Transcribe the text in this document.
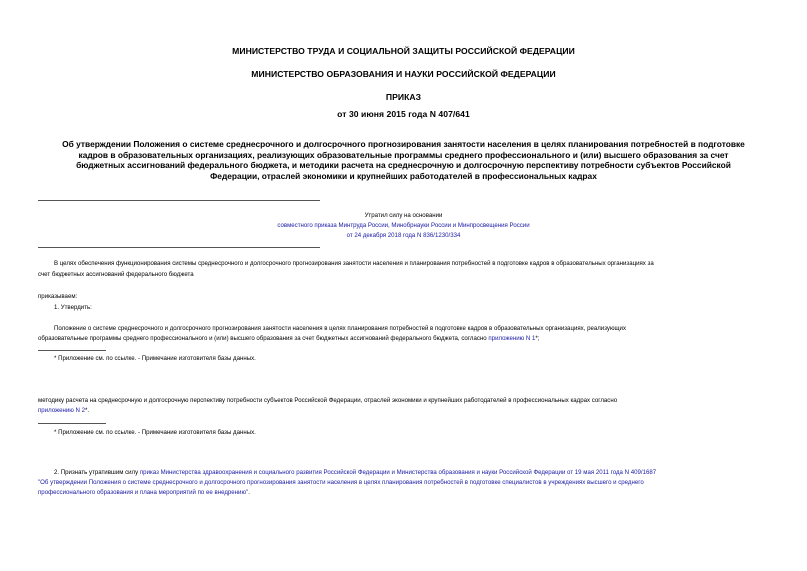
МИНИСТЕРСТВО ТРУДА И СОЦИАЛЬНОЙ ЗАЩИТЫ РОССИЙСКОЙ ФЕДЕРАЦИИ
МИНИСТЕРСТВО ОБРАЗОВАНИЯ И НАУКИ РОССИЙСКОЙ ФЕДЕРАЦИИ
ПРИКАЗ
от 30 июня 2015 года N 407/641
Об утверждении Положения о системе среднесрочного и долгосрочного прогнозирования занятости населения в целях планирования потребностей в подготовке
кадров в образовательных организациях, реализующих образовательные программы среднего профессионального и (или) высшего образования за счет
бюджетных ассигнований федерального бюджета, и методики расчета на среднесрочную и долгосрочную перспективу потребности субъектов Российской
Федерации, отраслей экономики и крупнейших работодателей в профессиональных кадрах
Утратил силу на основании
совместного приказа Минтруда России, Минобрнауки России и Минпросвещения России
от 24 декабря 2018 года N 836/1230/334
В целях обеспечения функционирования системы среднесрочного и долгосрочного прогнозирования занятости населения и планирования потребностей в подготовке кадров в образовательных организациях за
счет бюджетных ассигнований федерального бюджета
приказываем:
1. Утвердить:
Положение о системе среднесрочного и долгосрочного прогнозирования занятости населения в целях планирования потребностей в подготовке кадров в образовательных организациях, реализующих
образовательные программы среднего профессионального и (или) высшего образования за счет бюджетных ассигнований федерального бюджета, согласно приложению N 1*;
* Приложение см. по ссылке. - Примечание изготовителя базы данных.
методику расчета на среднесрочную и долгосрочную перспективу потребности субъектов Российской Федерации, отраслей экономики и крупнейших работодателей в профессиональных кадрах согласно
приложению N 2*.
* Приложение см. по ссылке. - Примечание изготовителя базы данных.
2. Признать утратившим силу приказ Министерства здравоохранения и социального развития Российской Федерации и Министерства образования и науки Российской Федерации от 19 мая 2011 года N 409/1687
"Об утверждении Положения о системе среднесрочного и долгосрочного прогнозирования занятости населения в целях планирования потребностей в подготовке специалистов в учреждениях высшего и среднего
профессионального образования и плана мероприятий по ее внедрению".
